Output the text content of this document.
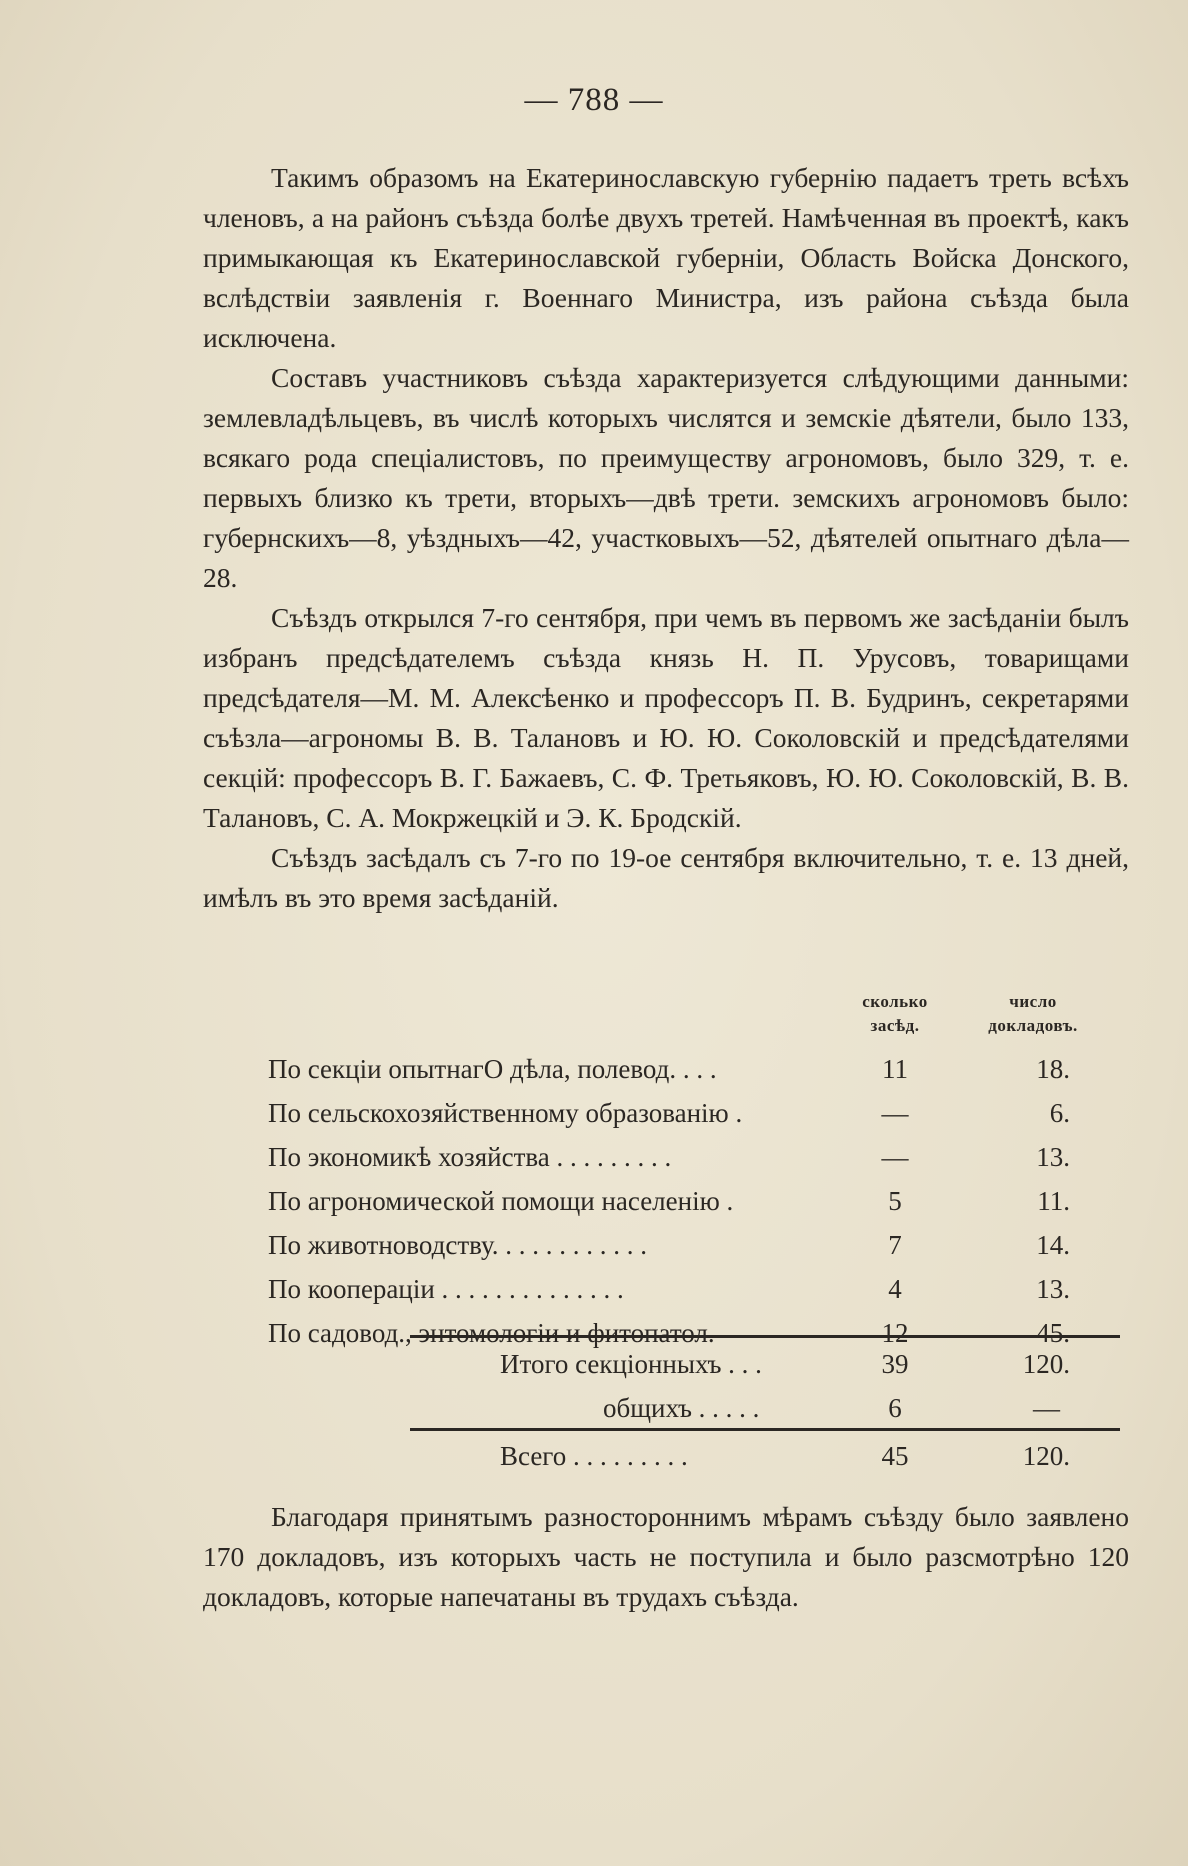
— 788 —

Такимъ образомъ на Екатеринославскую губернію падаетъ треть всѣхъ членовъ, а на районъ съѣзда болѣе двухъ третей. Намѣченная въ проектѣ, какъ примыкающая къ Екатеринославской губерніи, Область Войска Донского, вслѣдствіи заявленія г. Военнаго Министра, изъ района съѣзда была исключена.

Составъ участниковъ съѣзда характеризуется слѣдующими данными: землевладѣльцевъ, въ числѣ которыхъ числятся и земскіе дѣятели, было 133, всякаго рода спеціалистовъ, по преимуществу агрономовъ, было 329, т. е. первыхъ близко къ трети, вторыхъ—двѣ трети. земскихъ агрономовъ было: губернскихъ—8, уѣздныхъ—42, участковыхъ—52, дѣятелей опытнаго дѣла—28.

Съѣздъ открылся 7-го сентября, при чемъ въ первомъ же засѣданіи былъ избранъ предсѣдателемъ съѣзда князь Н. П. Урусовъ, товарищами предсѣдателя—М. М. Алексѣенко и профессоръ П. В. Будринъ, секретарями съѣзла—агрономы В. В. Талановъ и Ю. Ю. Соколовскій и предсѣдателями секцій: профессоръ В. Г. Бажаевъ, С. Ф. Третьяковъ, Ю. Ю. Соколовскій, В. В. Талановъ, С. А. Мокржецкій и Э. К. Бродскій.

Съѣздъ засѣдалъ съ 7-го по 19-ое сентября включительно, т. е. 13 дней, имѣлъ въ это время засѣданій.

сколько засѣд.
число докладовъ.
По секціи опытнагО дѣла, полевод. . . .	11	18.
По сельскохозяйственному образованію .	—	6.
По экономикѣ хозяйства . . . . . . . . .	—	13.
По агрономической помощи населенію .	5	11.
По животноводству. . . . . . . . . . . .	7	14.
По коопераціи . . . . . . . . . . . . . .	4	13.
По садовод., энтомологіи и фитопатол.	12	45.
Итого секціонныхъ . . .	39	120.
общихъ . . . . .	6	—
Всего . . . . . . . . .	45	120.

Благодаря принятымъ разностороннимъ мѣрамъ съѣзду было заявлено 170 докладовъ, изъ которыхъ часть не поступила и было разсмотрѣно 120 докладовъ, которые напечатаны въ трудахъ съѣзда.
